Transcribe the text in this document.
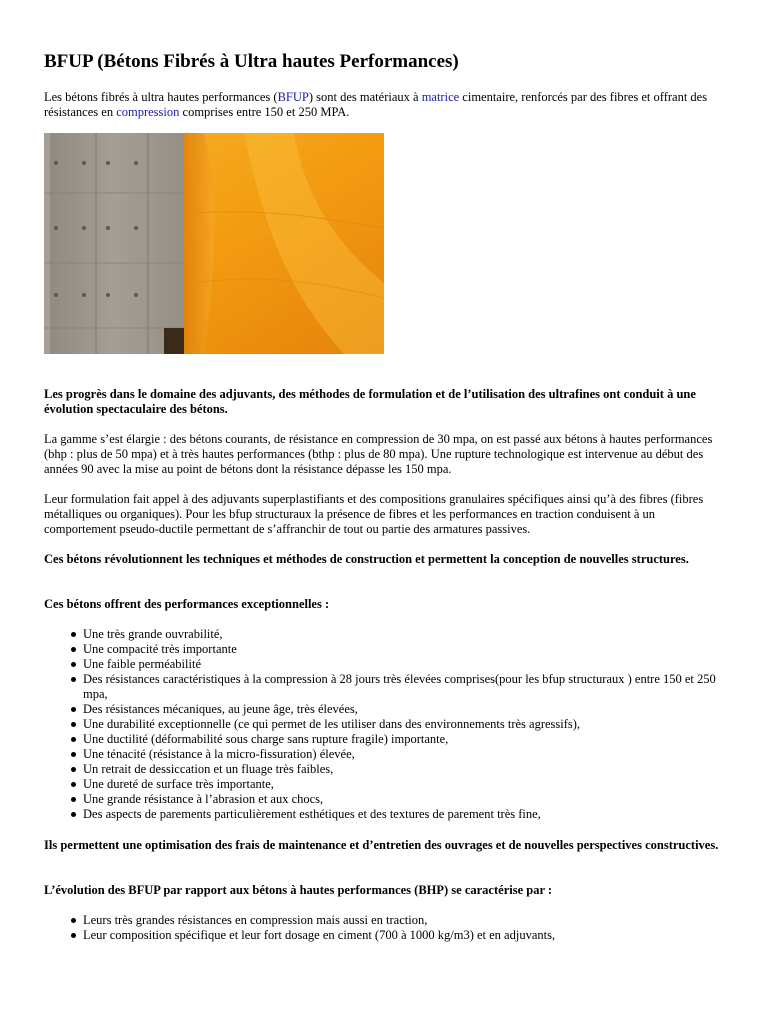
BFUP (Bétons Fibrés à Ultra hautes Performances)

Les bétons fibrés à ultra hautes performances (BFUP) sont des matériaux à matrice cimentaire, renforcés par des fibres et offrant des résistances en compression comprises entre 150 et 250 MPA.

Les progrès dans le domaine des adjuvants, des méthodes de formulation et de l’utilisation des ultrafines ont conduit à une évolution spectaculaire des bétons.

La gamme s’est élargie : des bétons courants, de résistance en compression de 30 mpa, on est passé aux bétons à hautes performances (bhp : plus de 50 mpa) et à très hautes performances (bthp : plus de 80 mpa). Une rupture technologique est intervenue au début des années 90 avec la mise au point de bétons dont la résistance dépasse les 150 mpa.

Leur formulation fait appel à des adjuvants superplastifiants et des compositions granulaires spécifiques ainsi qu’à des fibres (fibres métalliques ou organiques). Pour les bfup structuraux la présence de fibres et les performances en traction conduisent à un comportement pseudo-ductile permettant de s’affranchir de tout ou partie des armatures passives.

Ces bétons révolutionnent les techniques et méthodes de construction et permettent la conception de nouvelles structures.

Ces bétons offrent des performances exceptionnelles :

Une très grande ouvrabilité,
Une compacité très importante
Une faible perméabilité
Des résistances caractéristiques à la compression à 28 jours très élevées comprises(pour les bfup structuraux ) entre 150 et 250 mpa,
Des résistances mécaniques, au jeune âge, très élevées,
Une durabilité exceptionnelle (ce qui permet de les utiliser dans des environnements très agressifs),
Une ductilité (déformabilité sous charge sans rupture fragile) importante,
Une ténacité (résistance à la micro-fissuration) élevée,
Un retrait de dessiccation et un fluage très faibles,
Une dureté de surface très importante,
Une grande résistance à l’abrasion et aux chocs,
Des aspects de parements particulièrement esthétiques et des textures de parement très fine,

Ils permettent une optimisation des frais de maintenance et d’entretien des ouvrages et de nouvelles perspectives constructives.

L’évolution des BFUP par rapport aux bétons à hautes performances (BHP) se caractérise par :

Leurs très grandes résistances en compression mais aussi en traction,
Leur composition spécifique et leur fort dosage en ciment (700 à 1000 kg/m3) et en adjuvants,
